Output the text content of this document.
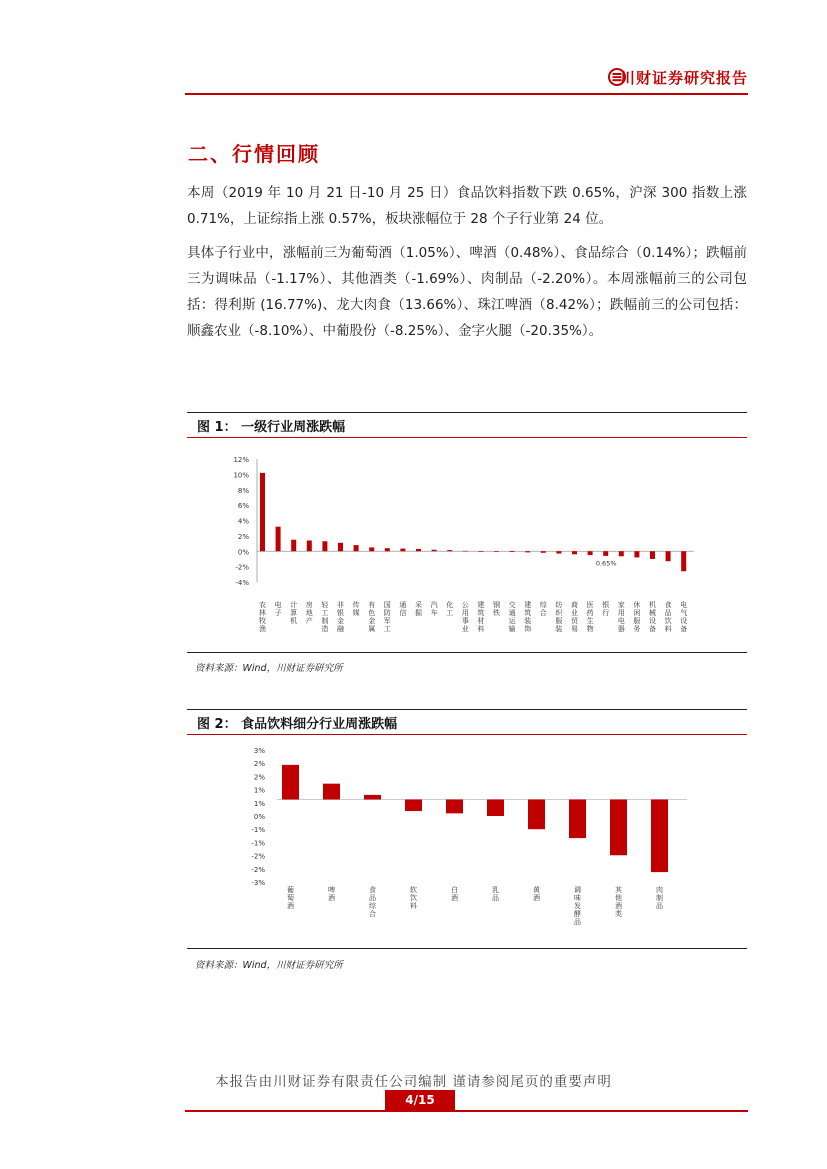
川财证券研究报告
二、行情回顾
本周（2019 年 10 月 21 日-10 月 25 日）食品饮料指数下跌 0.65%，沪深 300 指数上涨 0.71%，上证综指上涨 0.57%，板块涨幅位于 28 个子行业第 24 位。
具体子行业中，涨幅前三为葡萄酒（1.05%）、啤酒（0.48%）、食品综合（0.14%）；跌幅前三为调味品（-1.17%）、其他酒类（-1.69%）、肉制品（-2.20%）。本周涨幅前三的公司包括：得利斯 (16.77%)、龙大肉食（13.66%）、珠江啤酒（8.42%）；跌幅前三的公司包括：顺鑫农业（-8.10%）、中葡股份（-8.25%）、金字火腿（-20.35%）。
图 1： 一级行业周涨跌幅
-4%
-2%
0%
2%
4%
6%
8%
10%
12%
农
林
牧
渔
电
子
计
算
机
房
地
产
轻
工
制
造
非
银
金
融
传
媒
有
色
金
属
国
防
军
工
通
信
采
掘
汽
车
化
工
公
用
事
业
建
筑
材
料
钢
铁
交
通
运
输
建
筑
装
饰
综
合
纺
织
服
装
商
业
贸
易
医
药
生
物
银
行
家
用
电
器
休
闲
服
务
机
械
设
备
食
品
饮
料
电
气
设
备
0.65%
资料来源：Wind，川财证券研究所
图 2： 食品饮料细分行业周涨跌幅
3%
2%
2%
1%
1%
0%
-1%
-1%
-2%
-2%
-3%
葡
萄
酒
啤
酒
食
品
综
合
软
饮
料
白
酒
乳
品
黄
酒
调
味
发
酵
品
其
他
酒
类
肉
制
品
资料来源：Wind，川财证券研究所
本报告由川财证券有限责任公司编制 谨请参阅尾页的重要声明
4/15
